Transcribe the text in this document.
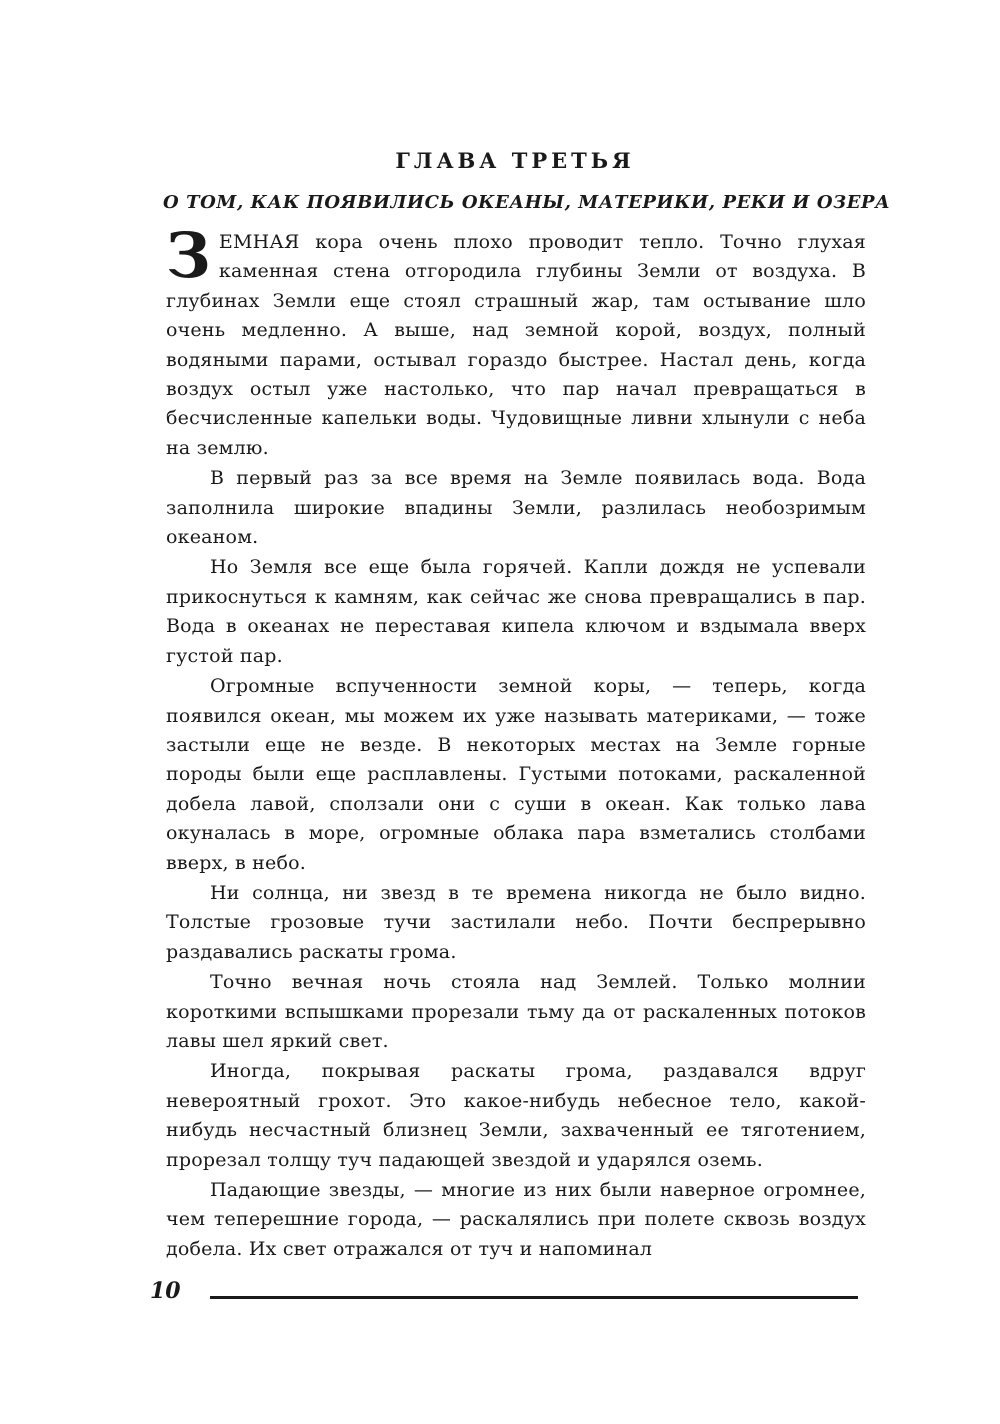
ГЛАВА ТРЕТЬЯ
О ТОМ, КАК ПОЯВИЛИСЬ ОКЕАНЫ, МАТЕРИКИ, РЕКИ И ОЗЕРА

ЗЕМНАЯ кора очень плохо проводит тепло. Точно глухая каменная стена отгородила глубины Земли от воздуха. В глубинах Земли еще стоял страшный жар, там остывание шло очень медленно. А выше, над земной корой, воздух, полный водяными парами, остывал гораздо быстрее. Настал день, когда воздух остыл уже настолько, что пар начал превращаться в бесчисленные капельки воды. Чудовищные ливни хлынули с неба на землю.

В первый раз за все время на Земле появилась вода. Вода заполнила широкие впадины Земли, разлилась необозримым океаном.

Но Земля все еще была горячей. Капли дождя не успевали прикоснуться к камням, как сейчас же снова превращались в пар. Вода в океанах не переставая кипела ключом и вздымала вверх густой пар.

Огромные вспученности земной коры, — теперь, когда появился океан, мы можем их уже называть материками, — тоже застыли еще не везде. В некоторых местах на Земле горные породы были еще расплавлены. Густыми потоками, раскаленной добела лавой, сползали они с суши в океан. Как только лава окуналась в море, огромные облака пара взметались столбами вверх, в небо.

Ни солнца, ни звезд в те времена никогда не было видно. Толстые грозовые тучи застилали небо. Почти беспрерывно раздавались раскаты грома.

Точно вечная ночь стояла над Землей. Только молнии короткими вспышками прорезали тьму да от раскаленных потоков лавы шел яркий свет.

Иногда, покрывая раскаты грома, раздавался вдруг невероятный грохот. Это какое-нибудь небесное тело, какой-нибудь несчастный близнец Земли, захваченный ее тяготением, прорезал толщу туч падающей звездой и ударялся оземь.

Падающие звезды, — многие из них были наверное огромнее, чем теперешние города, — раскалялись при полете сквозь воздух добела. Их свет отражался от туч и напоминал

10
